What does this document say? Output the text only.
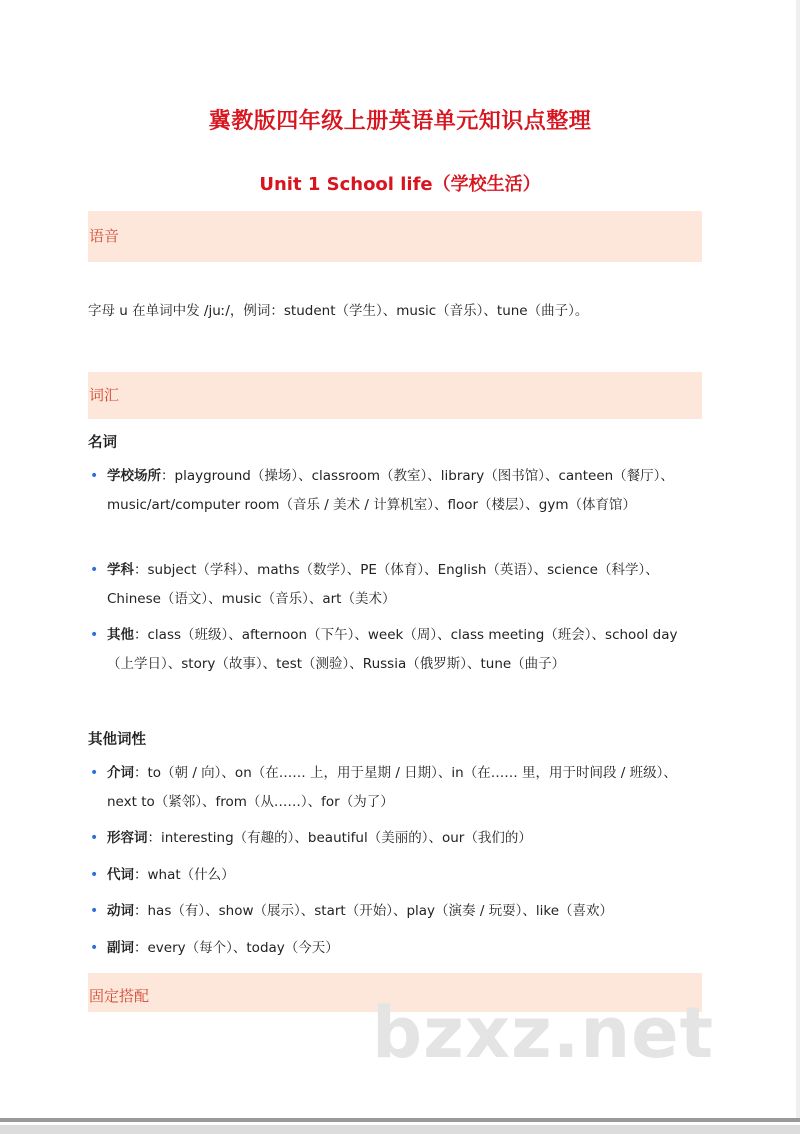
冀教版四年级上册英语单元知识点整理
Unit 1 School life（学校生活）
语音
字母 u 在单词中发 /juː/，例词：student（学生）、music（音乐）、tune（曲子）。
词汇
名词
• 学校场所：playground（操场）、classroom（教室）、library（图书馆）、canteen（餐厅）、music/art/computer room（音乐 / 美术 / 计算机室）、floor（楼层）、gym（体育馆）
• 学科：subject（学科）、maths（数学）、PE（体育）、English（英语）、science（科学）、Chinese（语文）、music（音乐）、art（美术）
• 其他：class（班级）、afternoon（下午）、week（周）、class meeting（班会）、school day（上学日）、story（故事）、test（测验）、Russia（俄罗斯）、tune（曲子）
其他词性
• 介词：to（朝 / 向）、on（在…… 上，用于星期 / 日期）、in（在…… 里，用于时间段 / 班级）、next to（紧邻）、from（从……）、for（为了）
• 形容词：interesting（有趣的）、beautiful（美丽的）、our（我们的）
• 代词：what（什么）
• 动词：has（有）、show（展示）、start（开始）、play（演奏 / 玩耍）、like（喜欢）
• 副词：every（每个）、today（今天）
固定搭配	bzxz.net
